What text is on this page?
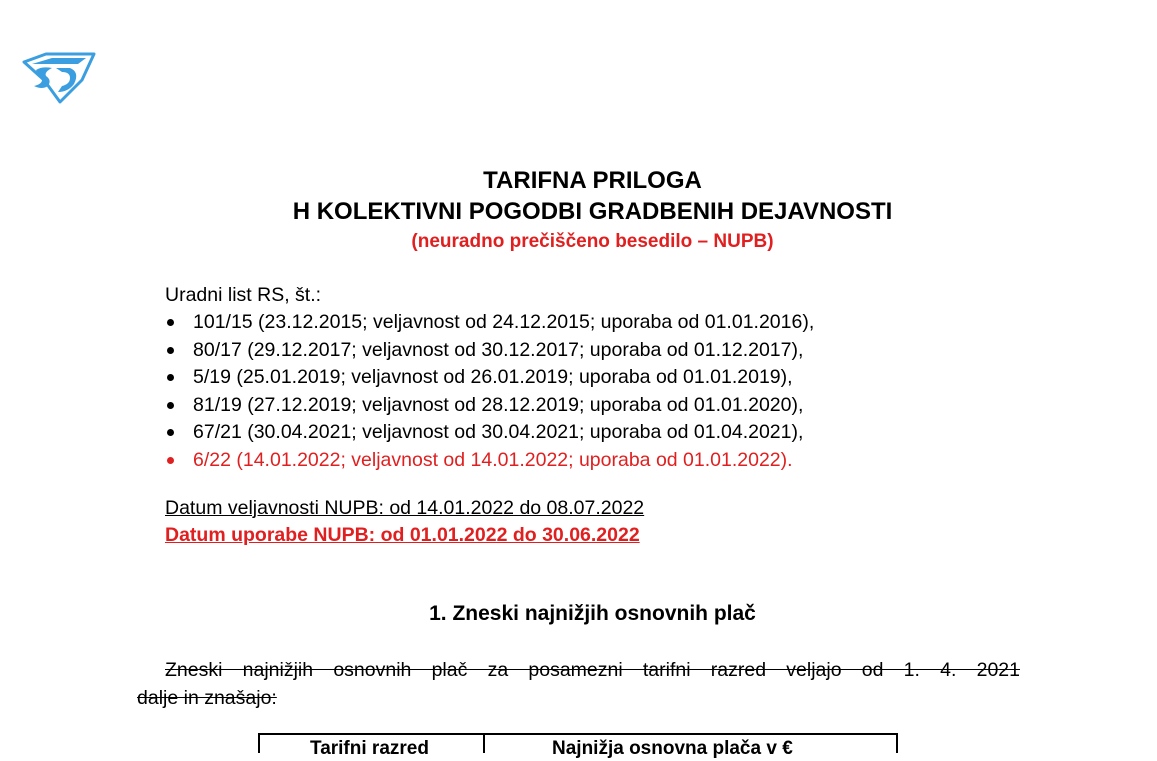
TARIFNA PRILOGA
H KOLEKTIVNI POGODBI GRADBENIH DEJAVNOSTI
(neuradno prečiščeno besedilo – NUPB)
Uradni list RS, št.:
101/15 (23.12.2015; veljavnost od 24.12.2015; uporaba od 01.01.2016),
80/17 (29.12.2017; veljavnost od 30.12.2017; uporaba od 01.12.2017),
5/19 (25.01.2019; veljavnost od 26.01.2019; uporaba od 01.01.2019),
81/19 (27.12.2019; veljavnost od 28.12.2019; uporaba od 01.01.2020),
67/21 (30.04.2021; veljavnost od 30.04.2021; uporaba od 01.04.2021),
6/22 (14.01.2022; veljavnost od 14.01.2022; uporaba od 01.01.2022).
Datum veljavnosti NUPB: od 14.01.2022 do 08.07.2022
Datum uporabe NUPB: od 01.01.2022 do 30.06.2022
1. Zneski najnižjih osnovnih plač
Zneski najnižjih osnovnih plač za posamezni tarifni razred veljajo od 1. 4. 2021
dalje in znašajo:
Tarifni razred	Najnižja osnovna plača v €
